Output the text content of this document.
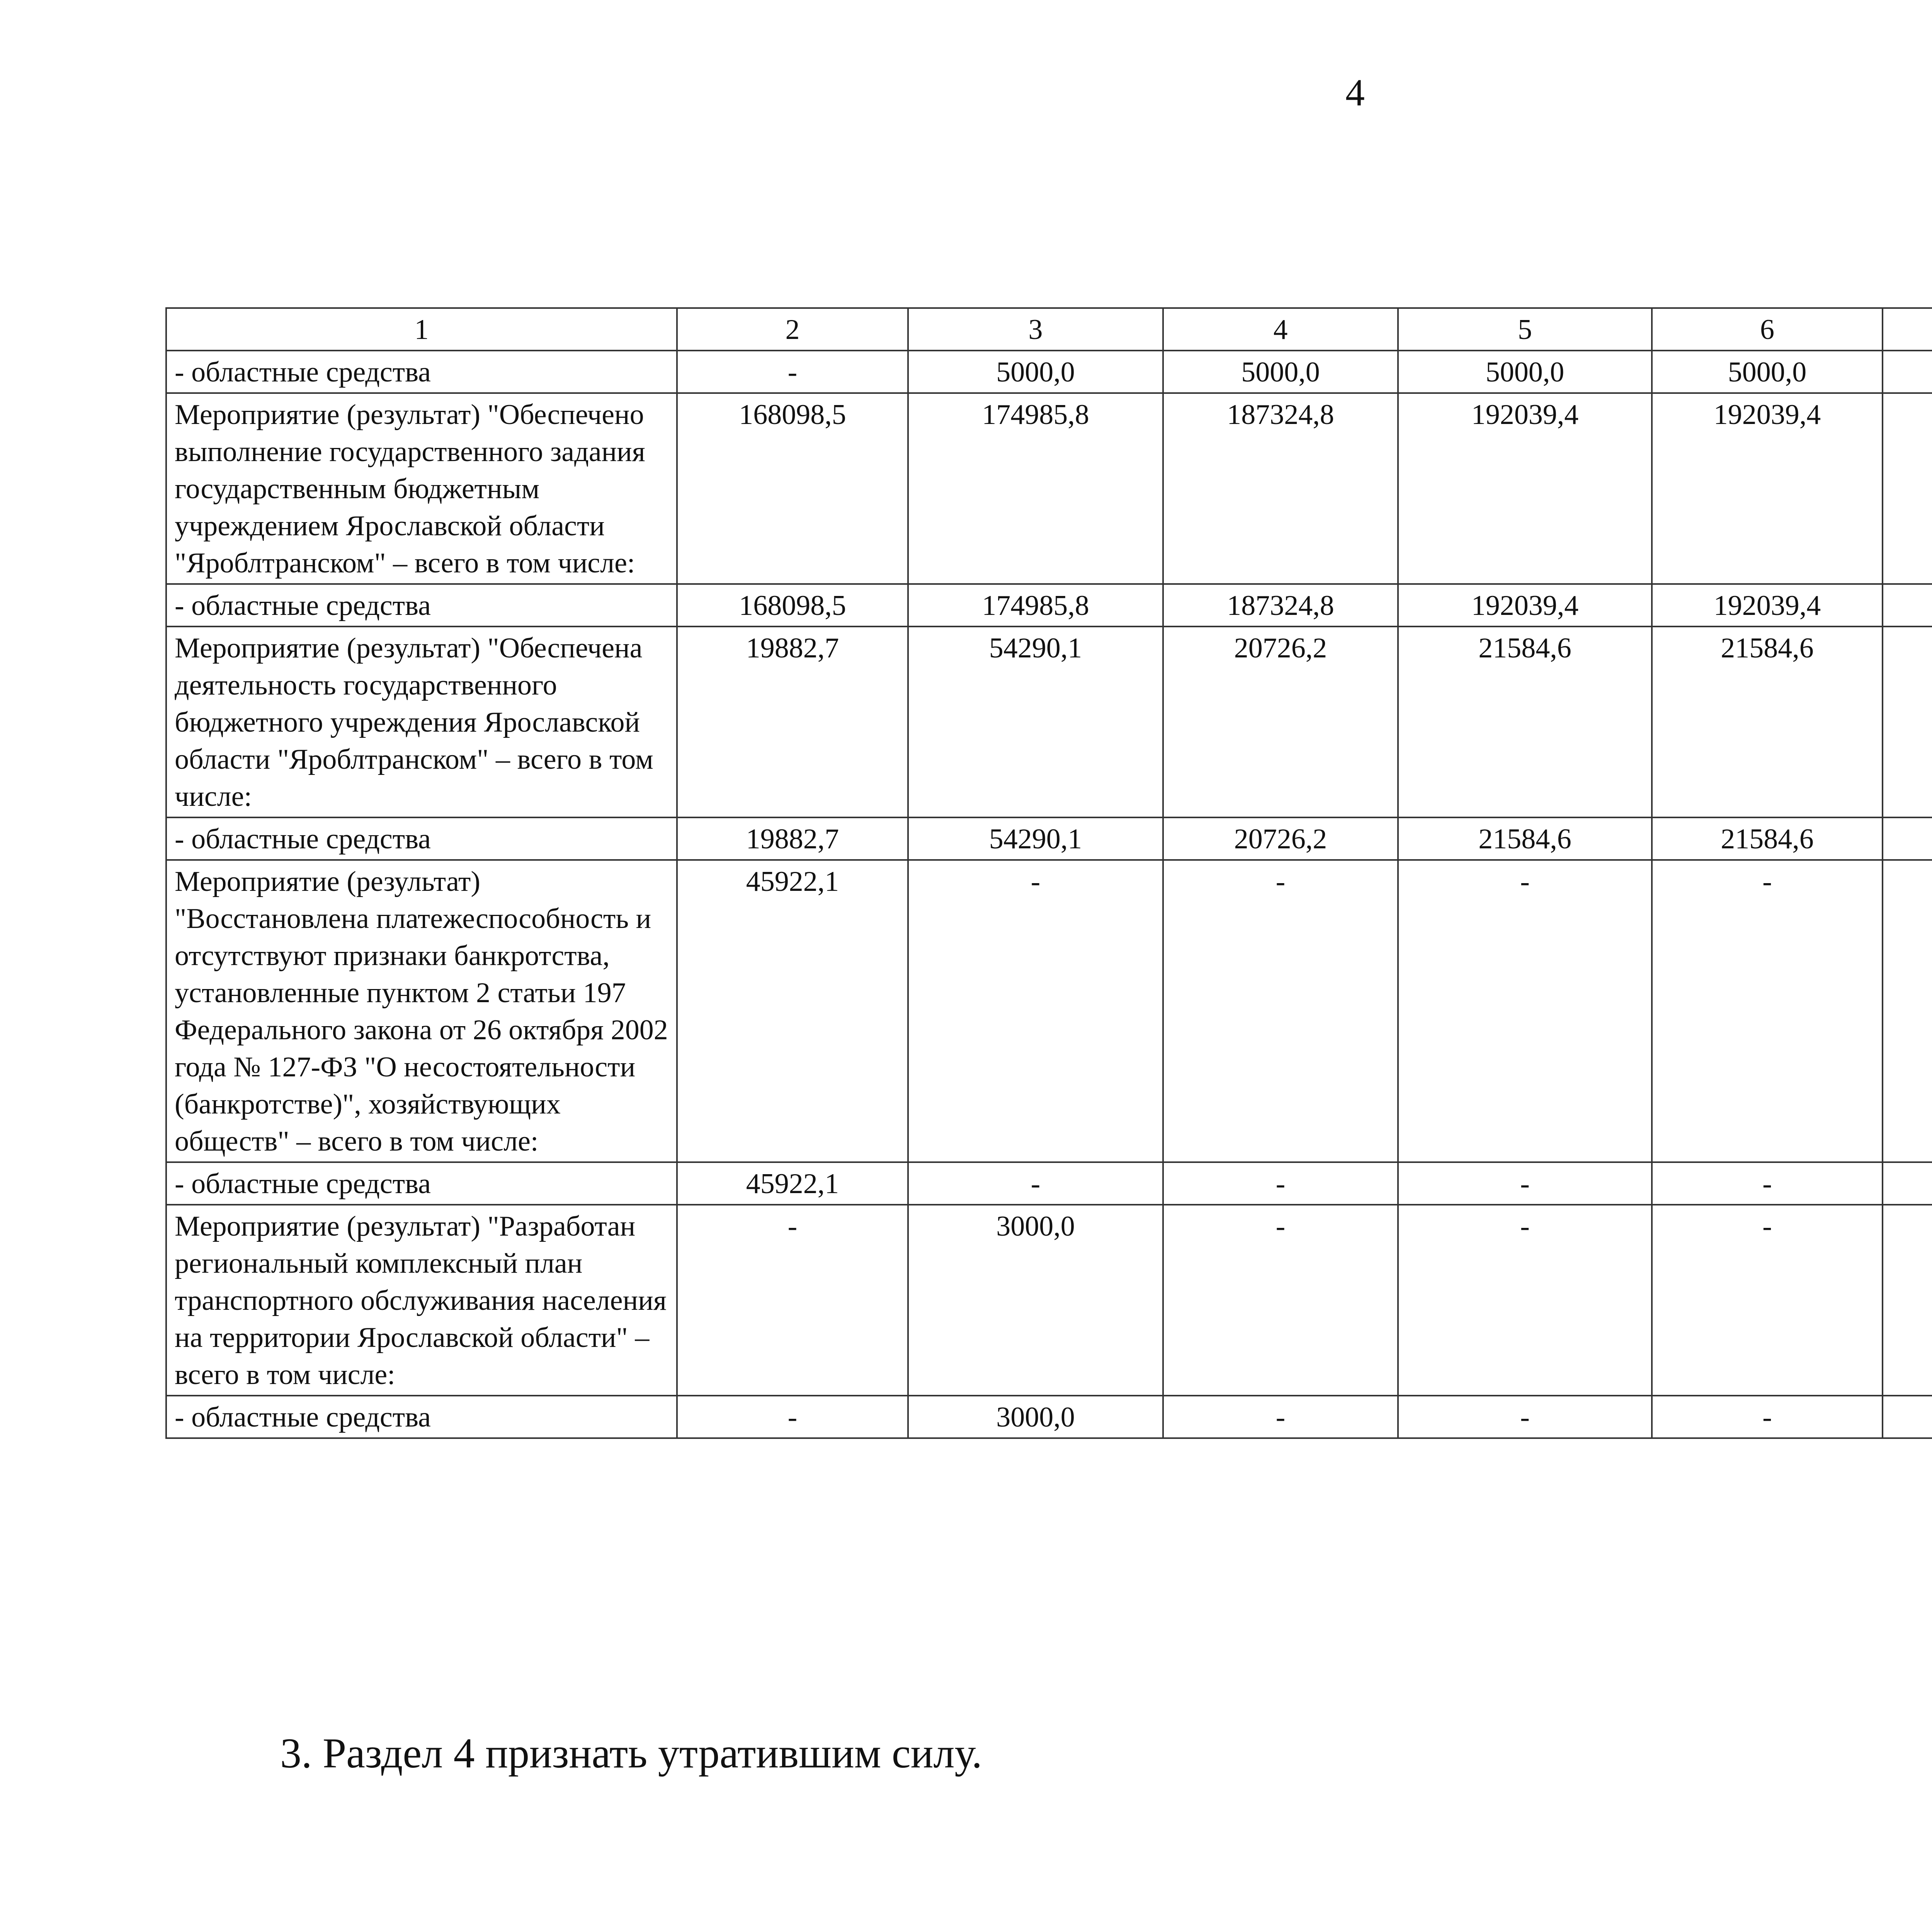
4
1	2	3	4	5	6			
- областные средства	-	5000,0	5000,0	5000,0	5000,0			
Мероприятие (результат) "Обеспечено выполнение государственного задания государственным бюджетным учреждением Ярославской области "Яроблтранском" – всего в том числе:	168098,5	174985,8	187324,8	192039,4	192039,4			
- областные средства	168098,5	174985,8	187324,8	192039,4	192039,4			
Мероприятие (результат) "Обеспечена деятельность государственного бюджетного учреждения Ярославской области "Яроблтранском" – всего в том числе:	19882,7	54290,1	20726,2	21584,6	21584,6			
- областные средства	19882,7	54290,1	20726,2	21584,6	21584,6			
Мероприятие (результат) "Восстановлена платежеспособность и отсутствуют признаки банкротства, установленные пунктом 2 статьи 197 Федерального закона от 26 октября 2002 года № 127-ФЗ "О несостоятельности (банкротстве)", хозяйствующих обществ" – всего в том числе:	45922,1	-	-	-	-			
- областные средства	45922,1	-	-	-	-			
Мероприятие (результат) "Разработан региональный комплексный план транспортного обслуживания населения на территории Ярославской области" – всего в том числе:	-	3000,0	-	-	-			
- областные средства	-	3000,0	-	-	-			
3. Раздел 4 признать утратившим силу.
